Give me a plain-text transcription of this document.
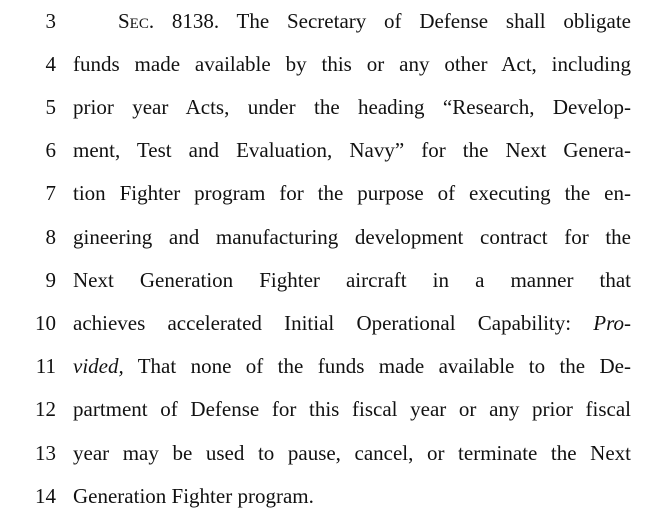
3	Sec. 8138. The Secretary of Defense shall obligate
4 funds made available by this or any other Act, including
5 prior year Acts, under the heading “Research, Develop-
6 ment, Test and Evaluation, Navy” for the Next Genera-
7 tion Fighter program for the purpose of executing the en-
8 gineering and manufacturing development contract for the
9 Next Generation Fighter aircraft in a manner that
10 achieves accelerated Initial Operational Capability: Pro-
11 vided, That none of the funds made available to the De-
12 partment of Defense for this fiscal year or any prior fiscal
13 year may be used to pause, cancel, or terminate the Next
14 Generation Fighter program.
